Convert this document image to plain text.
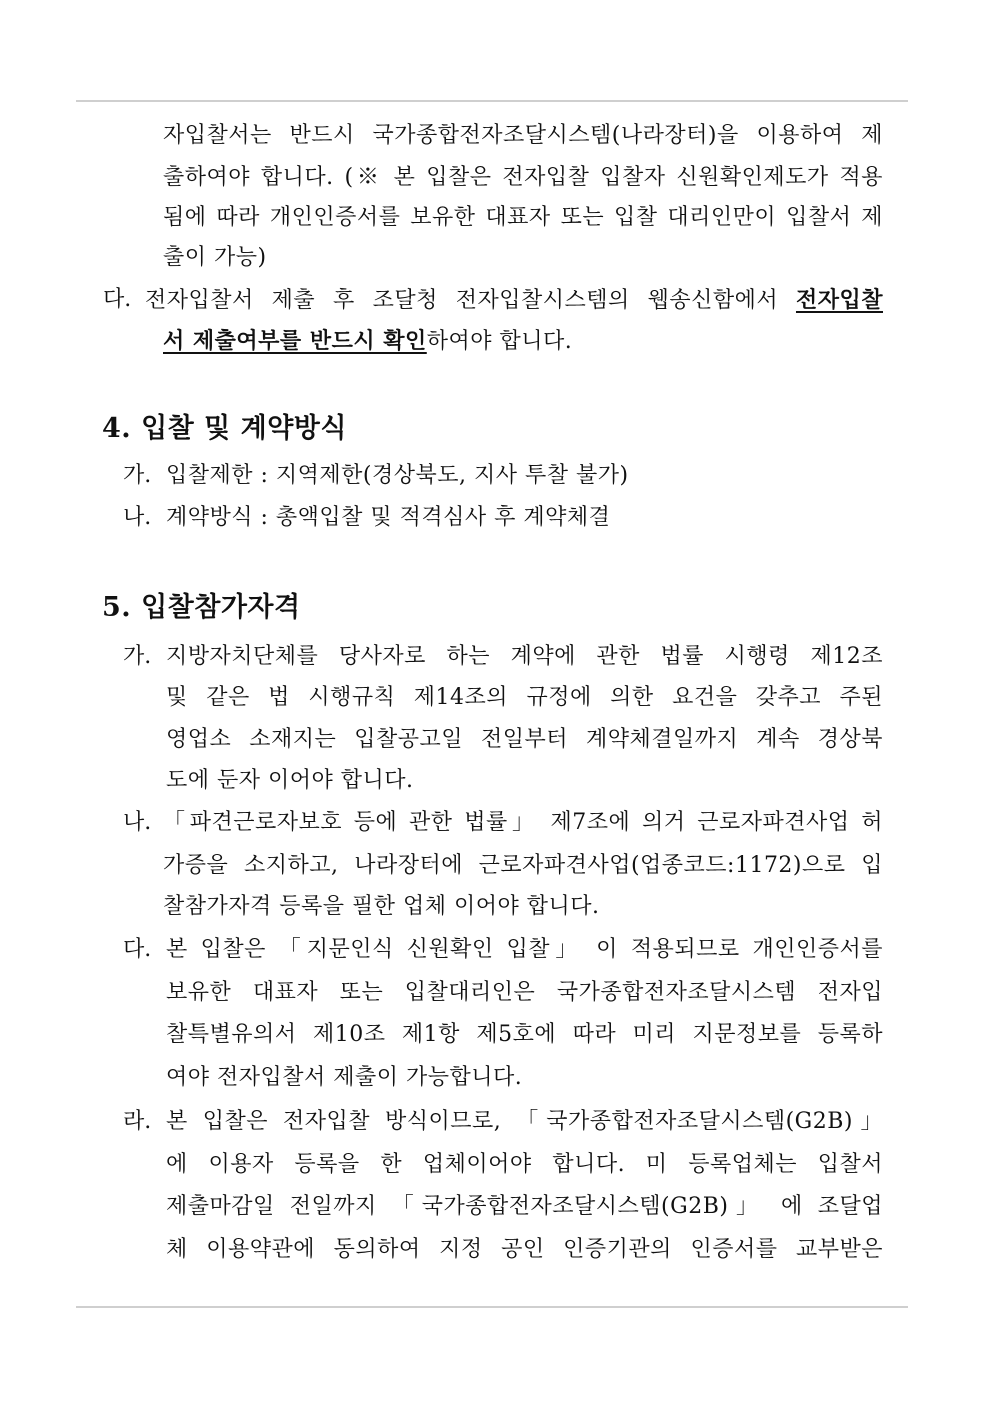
자입찰서는 반드시 국가종합전자조달시스템(나라장터)을 이용하여 제
출하여야 합니다. (※ 본 입찰은 전자입찰 입찰자 신원확인제도가 적용
됨에 따라 개인인증서를 보유한 대표자 또는 입찰 대리인만이 입찰서 제
출이 가능)
다. 전자입찰서 제출 후 조달청 전자입찰시스템의 웹송신함에서 전자입찰
서 제출여부를 반드시 확인하여야 합니다.
4. 입찰 및 계약방식
가. 입찰제한 : 지역제한(경상북도, 지사 투찰 불가)
나. 계약방식 : 총액입찰 및 적격심사 후 계약체결
5. 입찰참가자격
가. 지방자치단체를 당사자로 하는 계약에 관한 법률 시행령 제12조
및 같은 법 시행규칙 제14조의 규정에 의한 요건을 갖추고 주된
영업소 소재지는 입찰공고일 전일부터 계약체결일까지 계속 경상북
도에 둔자 이어야 합니다.
나. 「파견근로자보호 등에 관한 법률」 제7조에 의거 근로자파견사업 허
가증을 소지하고, 나라장터에 근로자파견사업(업종코드:1172)으로 입
찰참가자격 등록을 필한 업체 이어야 합니다.
다. 본 입찰은 「지문인식 신원확인 입찰」 이 적용되므로 개인인증서를
보유한 대표자 또는 입찰대리인은 국가종합전자조달시스템 전자입
찰특별유의서 제10조 제1항 제5호에 따라 미리 지문정보를 등록하
여야 전자입찰서 제출이 가능합니다.
라. 본 입찰은 전자입찰 방식이므로, 「국가종합전자조달시스템(G2B)」
에 이용자 등록을 한 업체이어야 합니다. 미 등록업체는 입찰서
제출마감일 전일까지 「국가종합전자조달시스템(G2B)」 에 조달업
체 이용약관에 동의하여 지정 공인 인증기관의 인증서를 교부받은
